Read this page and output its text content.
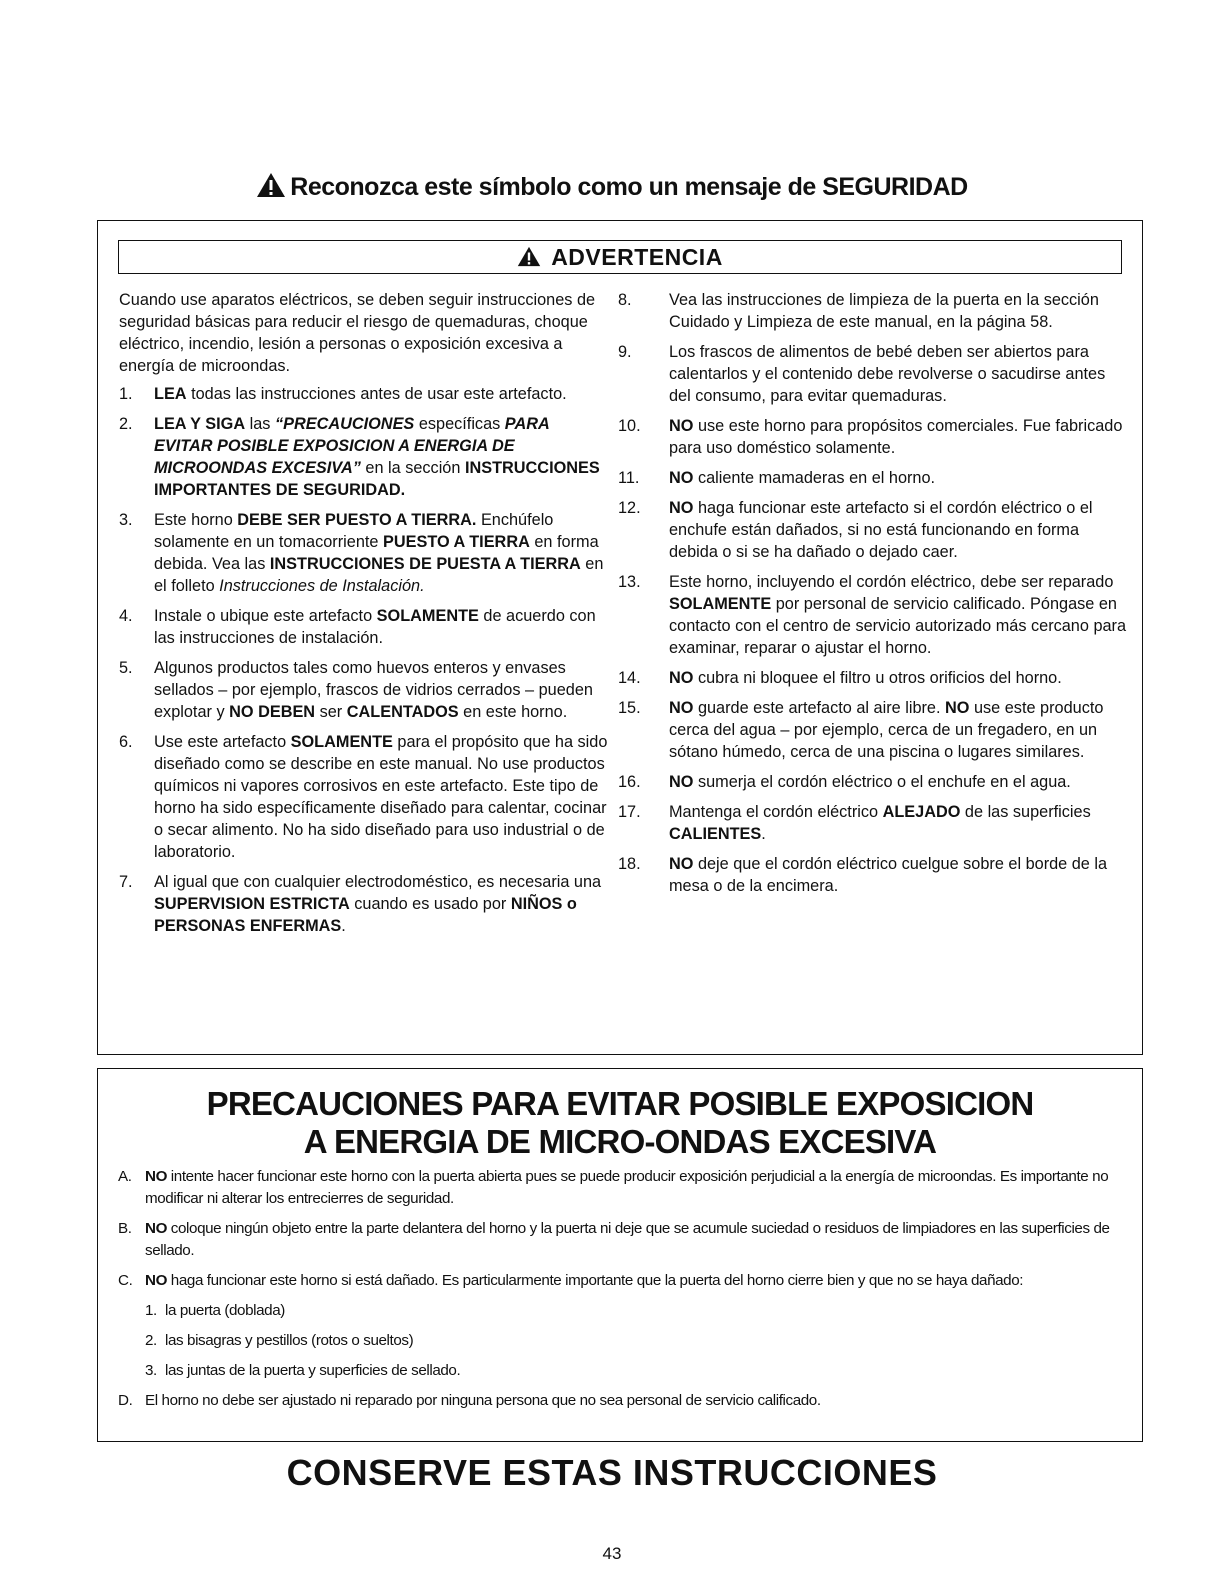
Reconozca este símbolo como un mensaje de SEGURIDAD
ADVERTENCIA

Cuando use aparatos eléctricos, se deben seguir instrucciones de seguridad básicas para reducir el riesgo de quemaduras, choque eléctrico, incendio, lesión a personas o exposición excesiva a energía de microondas.

1.	LEA todas las instrucciones antes de usar este artefacto.
2.	LEA Y SIGA las “PRECAUCIONES específicas PARA EVITAR POSIBLE EXPOSICION A ENERGIA DE MICROONDAS EXCESIVA” en la sección INSTRUCCIONES IMPORTANTES DE SEGURIDAD.
3.	Este horno DEBE SER PUESTO A TIERRA. Enchúfelo solamente en un tomacorriente PUESTO A TIERRA en forma debida. Vea las INSTRUCCIONES DE PUESTA A TIERRA en el folleto Instrucciones de Instalación.
4.	Instale o ubique este artefacto SOLAMENTE de acuerdo con las instrucciones de instalación.
5.	Algunos productos tales como huevos enteros y envases sellados – por ejemplo, frascos de vidrios cerrados – pueden explotar y NO DEBEN ser CALENTADOS en este horno.
6.	Use este artefacto SOLAMENTE para el propósito que ha sido diseñado como se describe en este manual. No use productos químicos ni vapores corrosivos en este artefacto. Este tipo de horno ha sido específicamente diseñado para calentar, cocinar o secar alimento. No ha sido diseñado para uso industrial o de laboratorio.
7.	Al igual que con cualquier electrodoméstico, es necesaria una SUPERVISION ESTRICTA cuando es usado por NIÑOS o PERSONAS ENFERMAS.
8.	Vea las instrucciones de limpieza de la puerta en la sección Cuidado y Limpieza de este manual, en la página 58.
9.	Los frascos de alimentos de bebé deben ser abiertos para calentarlos y el contenido debe revolverse o sacudirse antes del consumo, para evitar quemaduras.
10.	NO use este horno para propósitos comerciales. Fue fabricado para uso doméstico solamente.
11.	NO caliente mamaderas en el horno.
12.	NO haga funcionar este artefacto si el cordón eléctrico o el enchufe están dañados, si no está funcionando en forma debida o si se ha dañado o dejado caer.
13.	Este horno, incluyendo el cordón eléctrico, debe ser reparado SOLAMENTE por personal de servicio calificado. Póngase en contacto con el centro de servicio autorizado más cercano para examinar, reparar o ajustar el horno.
14.	NO cubra ni bloquee el filtro u otros orificios del horno.
15.	NO guarde este artefacto al aire libre. NO use este producto cerca del agua – por ejemplo, cerca de un fregadero, en un sótano húmedo, cerca de una piscina o lugares similares.
16.	NO sumerja el cordón eléctrico o el enchufe en el agua.
17.	Mantenga el cordón eléctrico ALEJADO de las superficies CALIENTES.
18.	NO deje que el cordón eléctrico cuelgue sobre el borde de la mesa o de la encimera.
PRECAUCIONES PARA EVITAR POSIBLE EXPOSICION
A ENERGIA DE MICRO-ONDAS EXCESIVA
A. NO intente hacer funcionar este horno con la puerta abierta pues se puede producir exposición perjudicial a la energía de microondas. Es importante no modificar ni alterar los entrecierres de seguridad.
B. NO coloque ningún objeto entre la parte delantera del horno y la puerta ni deje que se acumule suciedad o residuos de limpiadores en las superficies de sellado.
C. NO haga funcionar este horno si está dañado. Es particularmente importante que la puerta del horno cierre bien y que no se haya dañado:
1. la puerta (doblada)
2. las bisagras y pestillos (rotos o sueltos)
3. las juntas de la puerta y superficies de sellado.
D. El horno no debe ser ajustado ni reparado por ninguna persona que no sea personal de servicio calificado.
CONSERVE ESTAS INSTRUCCIONES
43
